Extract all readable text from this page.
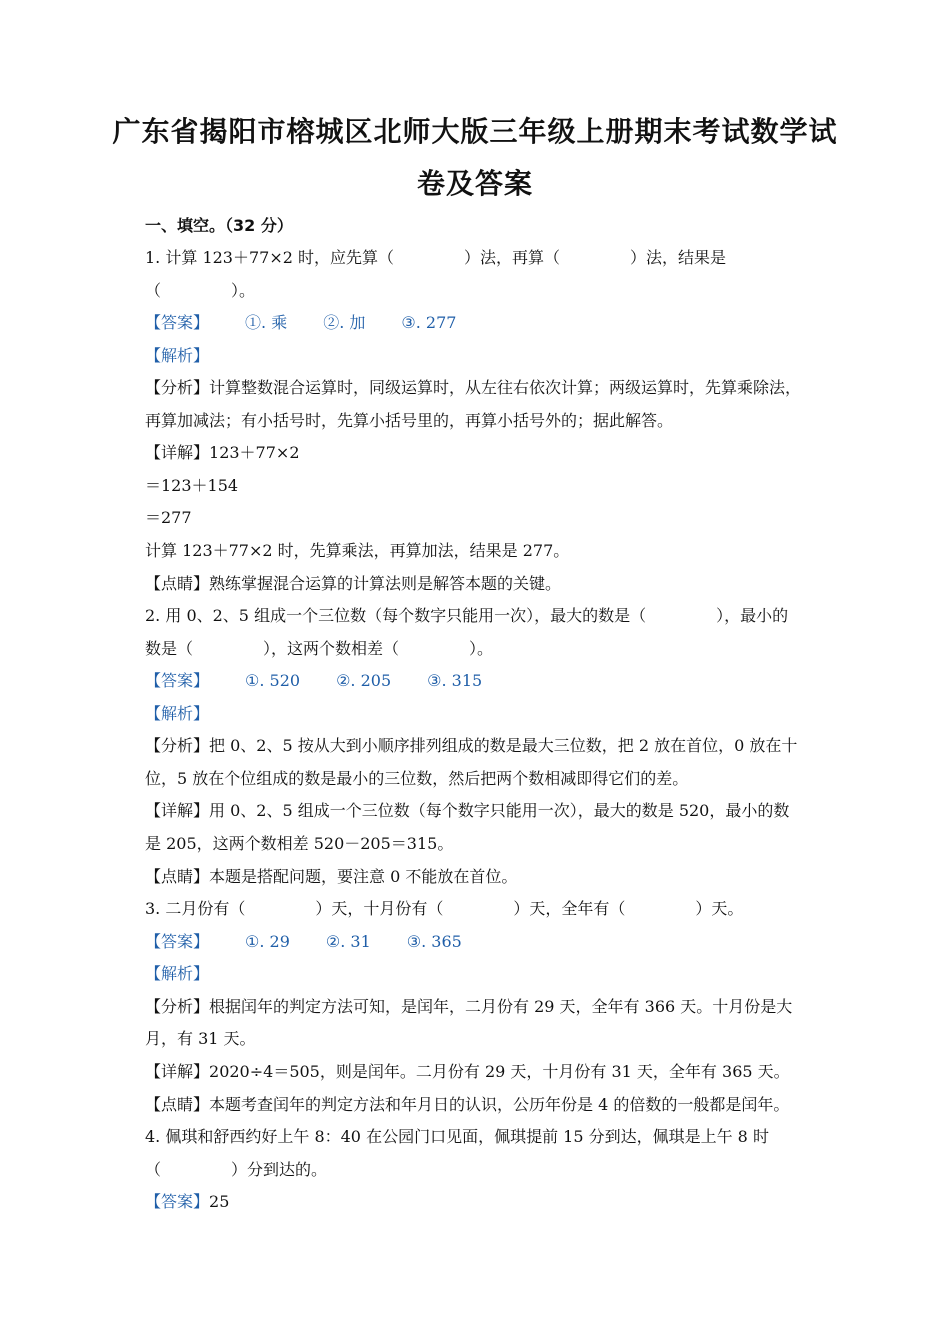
广东省揭阳市榕城区北师大版三年级上册期末考试数学试
卷及答案
一、填空。（32 分）
1. 计算 123＋77×2 时，应先算（	）法，再算（	）法，结果是
（	）。
【答案】 ①. 乘 ②. 加 ③. 277
【解析】
【分析】计算整数混合运算时，同级运算时，从左往右依次计算；两级运算时，先算乘除法，
再算加减法；有小括号时，先算小括号里的，再算小括号外的；据此解答。
【详解】123＋77×2
＝123＋154
＝277
计算 123＋77×2 时，先算乘法，再算加法，结果是 277。
【点睛】熟练掌握混合运算的计算法则是解答本题的关键。
2. 用 0、2、5 组成一个三位数（每个数字只能用一次），最大的数是（	），最小的
数是（	），这两个数相差（	）。
【答案】 ①. 520 ②. 205 ③. 315
【解析】
【分析】把 0、2、5 按从大到小顺序排列组成的数是最大三位数，把 2 放在首位，0 放在十
位，5 放在个位组成的数是最小的三位数，然后把两个数相减即得它们的差。
【详解】用 0、2、5 组成一个三位数（每个数字只能用一次），最大的数是 520，最小的数
是 205，这两个数相差 520－205＝315。
【点睛】本题是搭配问题，要注意 0 不能放在首位。
3. 二月份有（	）天，十月份有（	）天，全年有（	）天。
【答案】 ①. 29 ②. 31 ③. 365
【解析】
【分析】根据闰年的判定方法可知，是闰年，二月份有 29 天，全年有 366 天。十月份是大
月，有 31 天。
【详解】2020÷4＝505，则是闰年。二月份有 29 天，十月份有 31 天，全年有 365 天。
【点睛】本题考查闰年的判定方法和年月日的认识，公历年份是 4 的倍数的一般都是闰年。
4. 佩琪和舒西约好上午 8：40 在公园门口见面，佩琪提前 15 分到达，佩琪是上午 8 时
（	）分到达的。
【答案】25
